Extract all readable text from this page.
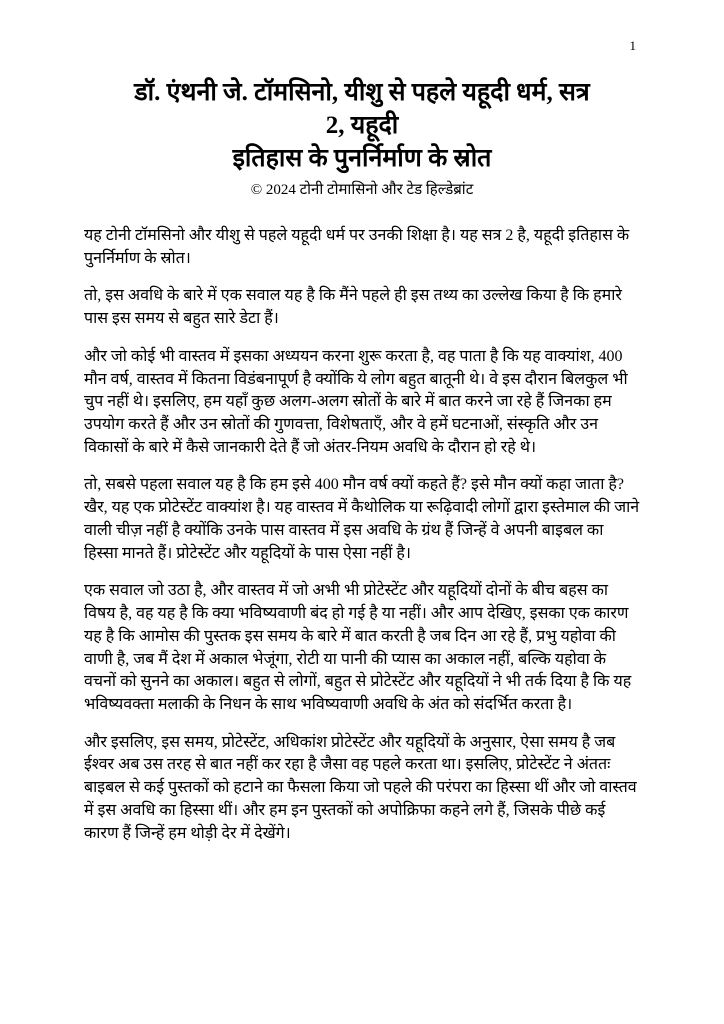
1
डॉ. एंथनी जे. टॉमसिनो, यीशु से पहले यहूदी धर्म, सत्र
2, यहूदी
इतिहास के पुनर्निर्माण के स्रोत
© 2024 टोनी टोमासिनो और टेड हिल्डेब्रांट

यह टोनी टॉमसिनो और यीशु से पहले यहूदी धर्म पर उनकी शिक्षा है। यह सत्र 2 है, यहूदी इतिहास के पुनर्निर्माण के स्रोत।

तो, इस अवधि के बारे में एक सवाल यह है कि मैंने पहले ही इस तथ्य का उल्लेख किया है कि हमारे पास इस समय से बहुत सारे डेटा हैं।

और जो कोई भी वास्तव में इसका अध्ययन करना शुरू करता है, वह पाता है कि यह वाक्यांश, 400 मौन वर्ष, वास्तव में कितना विडंबनापूर्ण है क्योंकि ये लोग बहुत बातूनी थे। वे इस दौरान बिलकुल भी चुप नहीं थे। इसलिए, हम यहाँ कुछ अलग-अलग स्रोतों के बारे में बात करने जा रहे हैं जिनका हम उपयोग करते हैं और उन स्रोतों की गुणवत्ता, विशेषताएँ, और वे हमें घटनाओं, संस्कृति और उन विकासों के बारे में कैसे जानकारी देते हैं जो अंतर-नियम अवधि के दौरान हो रहे थे।

तो, सबसे पहला सवाल यह है कि हम इसे 400 मौन वर्ष क्यों कहते हैं? इसे मौन क्यों कहा जाता है? खैर, यह एक प्रोटेस्टेंट वाक्यांश है। यह वास्तव में कैथोलिक या रूढ़िवादी लोगों द्वारा इस्तेमाल की जाने वाली चीज़ नहीं है क्योंकि उनके पास वास्तव में इस अवधि के ग्रंथ हैं जिन्हें वे अपनी बाइबल का हिस्सा मानते हैं। प्रोटेस्टेंट और यहूदियों के पास ऐसा नहीं है।

एक सवाल जो उठा है, और वास्तव में जो अभी भी प्रोटेस्टेंट और यहूदियों दोनों के बीच बहस का विषय है, वह यह है कि क्या भविष्यवाणी बंद हो गई है या नहीं। और आप देखिए, इसका एक कारण यह है कि आमोस की पुस्तक इस समय के बारे में बात करती है जब दिन आ रहे हैं, प्रभु यहोवा की वाणी है, जब मैं देश में अकाल भेजूंगा, रोटी या पानी की प्यास का अकाल नहीं, बल्कि यहोवा के वचनों को सुनने का अकाल। बहुत से लोगों, बहुत से प्रोटेस्टेंट और यहूदियों ने भी तर्क दिया है कि यह भविष्यवक्ता मलाकी के निधन के साथ भविष्यवाणी अवधि के अंत को संदर्भित करता है।

और इसलिए, इस समय, प्रोटेस्टेंट, अधिकांश प्रोटेस्टेंट और यहूदियों के अनुसार, ऐसा समय है जब ईश्वर अब उस तरह से बात नहीं कर रहा है जैसा वह पहले करता था। इसलिए, प्रोटेस्टेंट ने अंततः बाइबल से कई पुस्तकों को हटाने का फैसला किया जो पहले की परंपरा का हिस्सा थीं और जो वास्तव में इस अवधि का हिस्सा थीं। और हम इन पुस्तकों को अपोक्रिफा कहने लगे हैं, जिसके पीछे कई कारण हैं जिन्हें हम थोड़ी देर में देखेंगे।
